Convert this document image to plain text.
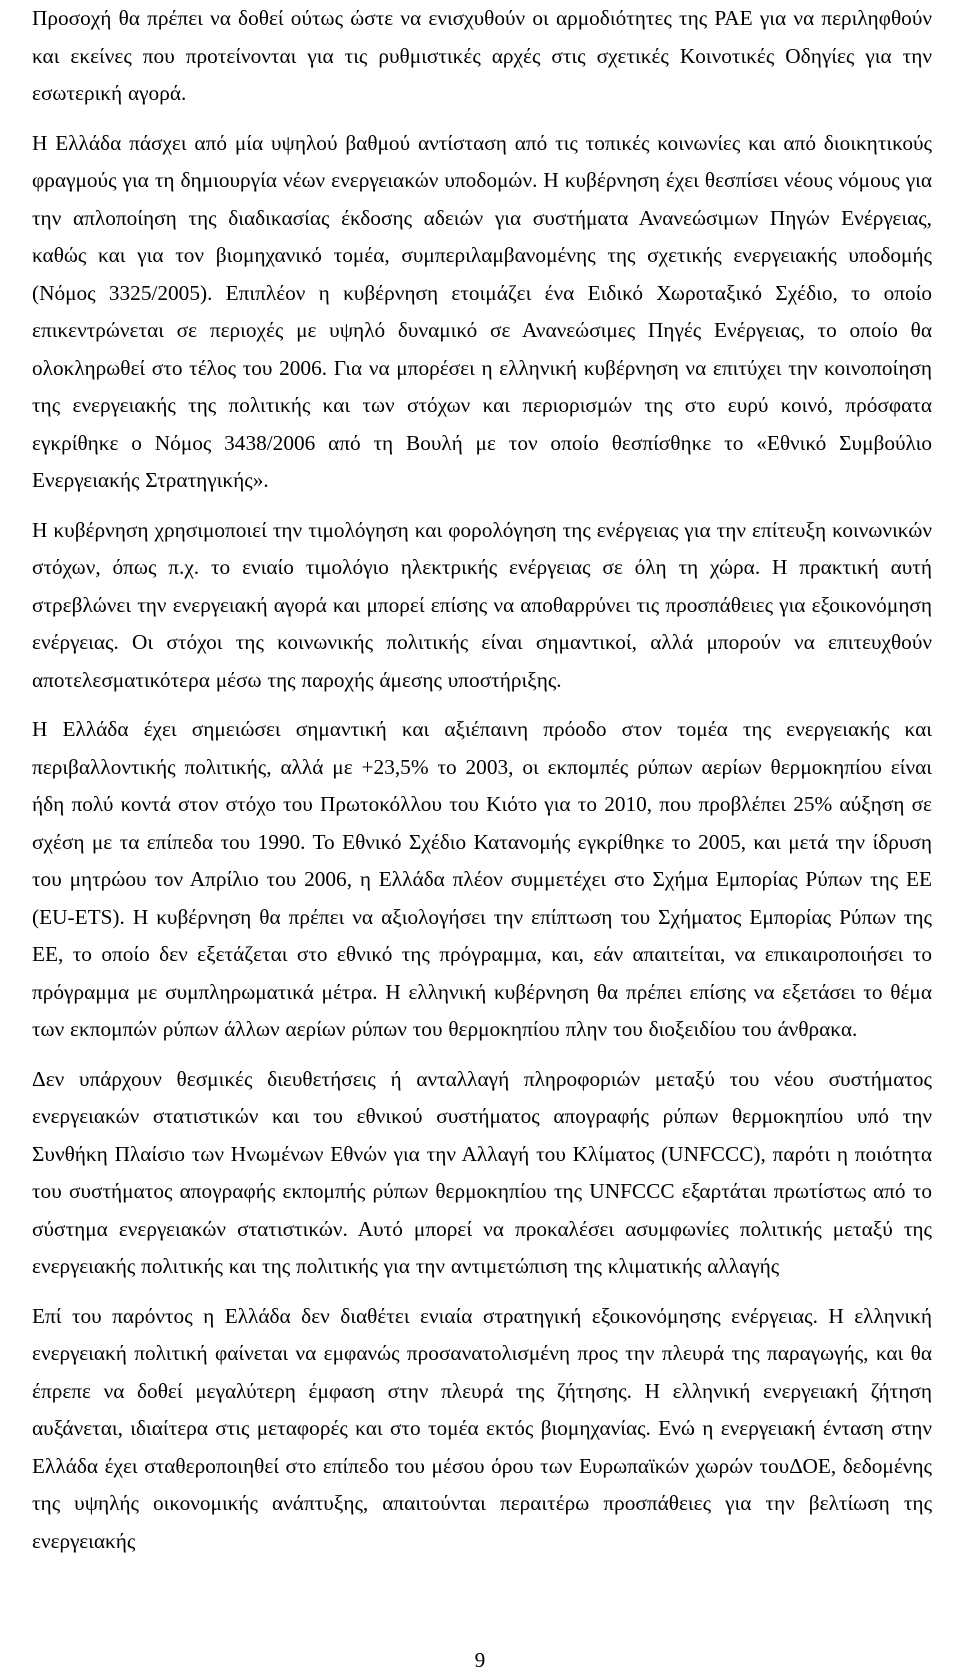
Προσοχή θα πρέπει να δοθεί ούτως ώστε να ενισχυθούν οι αρμοδιότητες της ΡΑΕ για να περιληφθούν και εκείνες που προτείνονται για τις ρυθμιστικές αρχές στις σχετικές Κοινοτικές Οδηγίες για την εσωτερική αγορά.

Η Ελλάδα πάσχει από μία υψηλού βαθμού αντίσταση από τις τοπικές κοινωνίες και από διοικητικούς φραγμούς για τη δημιουργία νέων ενεργειακών υποδομών. Η κυβέρνηση έχει θεσπίσει νέους νόμους για την απλοποίηση της διαδικασίας έκδοσης αδειών για συστήματα Ανανεώσιμων Πηγών Ενέργειας, καθώς και για τον βιομηχανικό τομέα, συμπεριλαμβανομένης της σχετικής ενεργειακής υποδομής (Νόμος 3325/2005). Επιπλέον η κυβέρνηση ετοιμάζει ένα Ειδικό Χωροταξικό Σχέδιο, το οποίο επικεντρώνεται σε περιοχές με υψηλό δυναμικό σε Ανανεώσιμες Πηγές Ενέργειας, το οποίο θα ολοκληρωθεί στο τέλος του 2006. Για να μπορέσει η ελληνική κυβέρνηση να επιτύχει την κοινοποίηση της ενεργειακής της πολιτικής και των στόχων και περιορισμών της στο ευρύ κοινό, πρόσφατα εγκρίθηκε ο Νόμος 3438/2006 από τη Βουλή με τον οποίο θεσπίσθηκε το «Εθνικό Συμβούλιο Ενεργειακής Στρατηγικής».

Η κυβέρνηση χρησιμοποιεί την τιμολόγηση και φορολόγηση της ενέργειας για την επίτευξη κοινωνικών στόχων, όπως π.χ. το ενιαίο τιμολόγιο ηλεκτρικής ενέργειας σε όλη τη χώρα. Η πρακτική αυτή στρεβλώνει την ενεργειακή αγορά και μπορεί επίσης να αποθαρρύνει τις προσπάθειες για εξοικονόμηση ενέργειας. Οι στόχοι της κοινωνικής πολιτικής είναι σημαντικοί, αλλά μπορούν να επιτευχθούν αποτελεσματικότερα μέσω της παροχής άμεσης υποστήριξης.

Η Ελλάδα έχει σημειώσει σημαντική και αξιέπαινη πρόοδο στον τομέα της ενεργειακής και περιβαλλοντικής πολιτικής, αλλά με +23,5% το 2003, οι εκπομπές ρύπων αερίων θερμοκηπίου είναι ήδη πολύ κοντά στον στόχο του Πρωτοκόλλου του Κιότο για το 2010, που προβλέπει 25% αύξηση σε σχέση με τα επίπεδα του 1990. Το Εθνικό Σχέδιο Κατανομής εγκρίθηκε το 2005, και μετά την ίδρυση του μητρώου τον Απρίλιο του 2006, η Ελλάδα πλέον συμμετέχει στο Σχήμα Εμπορίας Ρύπων της ΕΕ (EU-ETS). Η κυβέρνηση θα πρέπει να αξιολογήσει την επίπτωση του Σχήματος Εμπορίας Ρύπων της ΕΕ, το οποίο δεν εξετάζεται στο εθνικό της πρόγραμμα, και, εάν απαιτείται, να επικαιροποιήσει το πρόγραμμα με συμπληρωματικά μέτρα. Η ελληνική κυβέρνηση θα πρέπει επίσης να εξετάσει το θέμα των εκπομπών ρύπων άλλων αερίων ρύπων του θερμοκηπίου πλην του διοξειδίου του άνθρακα.

Δεν υπάρχουν θεσμικές διευθετήσεις ή ανταλλαγή πληροφοριών μεταξύ του νέου συστήματος ενεργειακών στατιστικών και του εθνικού συστήματος απογραφής ρύπων θερμοκηπίου υπό την Συνθήκη Πλαίσιο των Ηνωμένων Εθνών για την Αλλαγή του Κλίματος (UNFCCC), παρότι η ποιότητα του συστήματος απογραφής εκπομπής ρύπων θερμοκηπίου της UNFCCC εξαρτάται πρωτίστως από το σύστημα ενεργειακών στατιστικών. Αυτό μπορεί να προκαλέσει ασυμφωνίες πολιτικής μεταξύ της ενεργειακής πολιτικής και της πολιτικής για την αντιμετώπιση της κλιματικής αλλαγής

Επί του παρόντος η Ελλάδα δεν διαθέτει ενιαία στρατηγική εξοικονόμησης ενέργειας. Η ελληνική ενεργειακή πολιτική φαίνεται να εμφανώς προσανατολισμένη προς την πλευρά της παραγωγής, και θα έπρεπε να δοθεί μεγαλύτερη έμφαση στην πλευρά της ζήτησης. Η ελληνική ενεργειακή ζήτηση αυξάνεται, ιδιαίτερα στις μεταφορές και στο τομέα εκτός βιομηχανίας. Ενώ η ενεργειακή ένταση στην Ελλάδα έχει σταθεροποιηθεί στο επίπεδο του μέσου όρου των Ευρωπαϊκών χωρών τουΔΟΕ, δεδομένης της υψηλής οικονομικής ανάπτυξης, απαιτούνται περαιτέρω προσπάθειες για την βελτίωση της ενεργειακής

9
